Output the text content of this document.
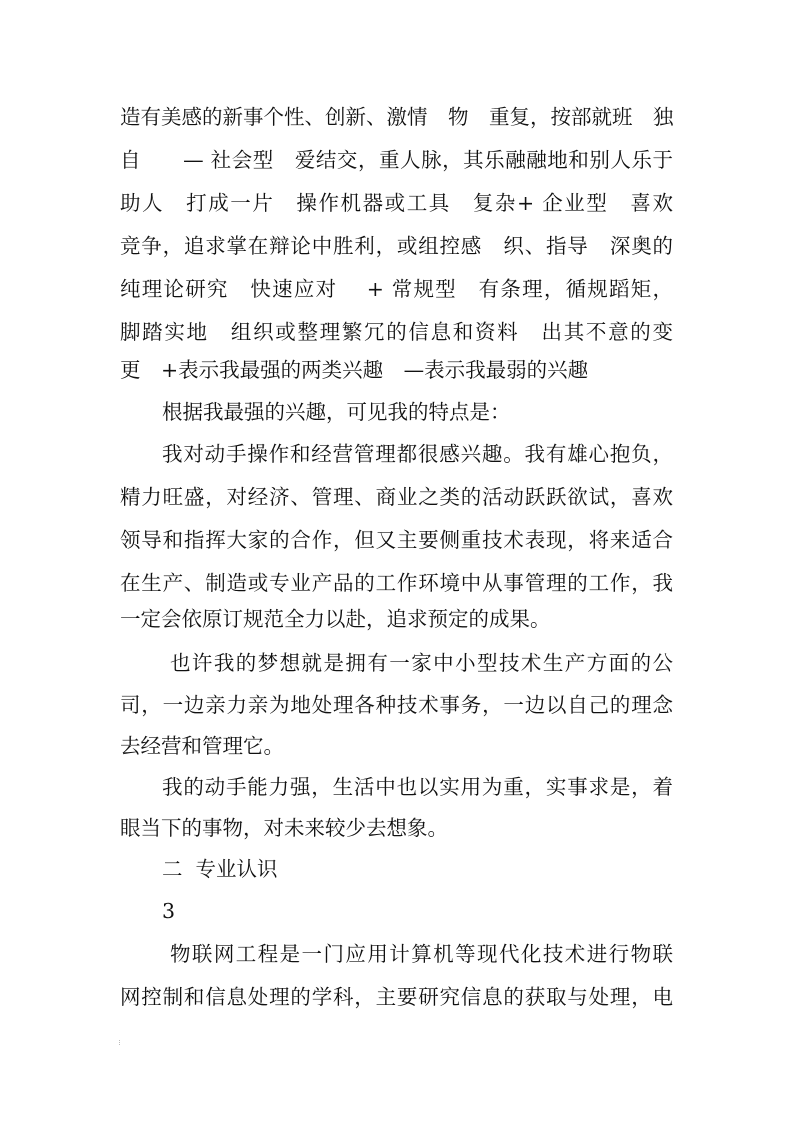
造有美感的新事个性、创新、激情　物　重复，按部就班　独
自　　— 社会型　爱结交，重人脉，其乐融融地和别人乐于
助人　打成一片　操作机器或工具　复杂+ 企业型　喜欢
竞争，追求掌在辩论中胜利，或组控感　织、指导　深奥的
纯理论研究　快速应对　 + 常规型　有条理，循规蹈矩，
脚踏实地　组织或整理繁冗的信息和资料　出其不意的变
更　+表示我最强的两类兴趣　—表示我最弱的兴趣
根据我最强的兴趣，可见我的特点是：
我对动手操作和经营管理都很感兴趣。我有雄心抱负，
精力旺盛，对经济、管理、商业之类的活动跃跃欲试，喜欢
领导和指挥大家的合作，但又主要侧重技术表现，将来适合
在生产、制造或专业产品的工作环境中从事管理的工作，我
一定会依原订规范全力以赴，追求预定的成果。
也许我的梦想就是拥有一家中小型技术生产方面的公
司，一边亲力亲为地处理各种技术事务，一边以自己的理念
去经营和管理它。
我的动手能力强，生活中也以实用为重，实事求是，着
眼当下的事物，对未来较少去想象。
二  专业认识
3
物联网工程是一门应用计算机等现代化技术进行物联
网控制和信息处理的学科，主要研究信息的获取与处理，电
